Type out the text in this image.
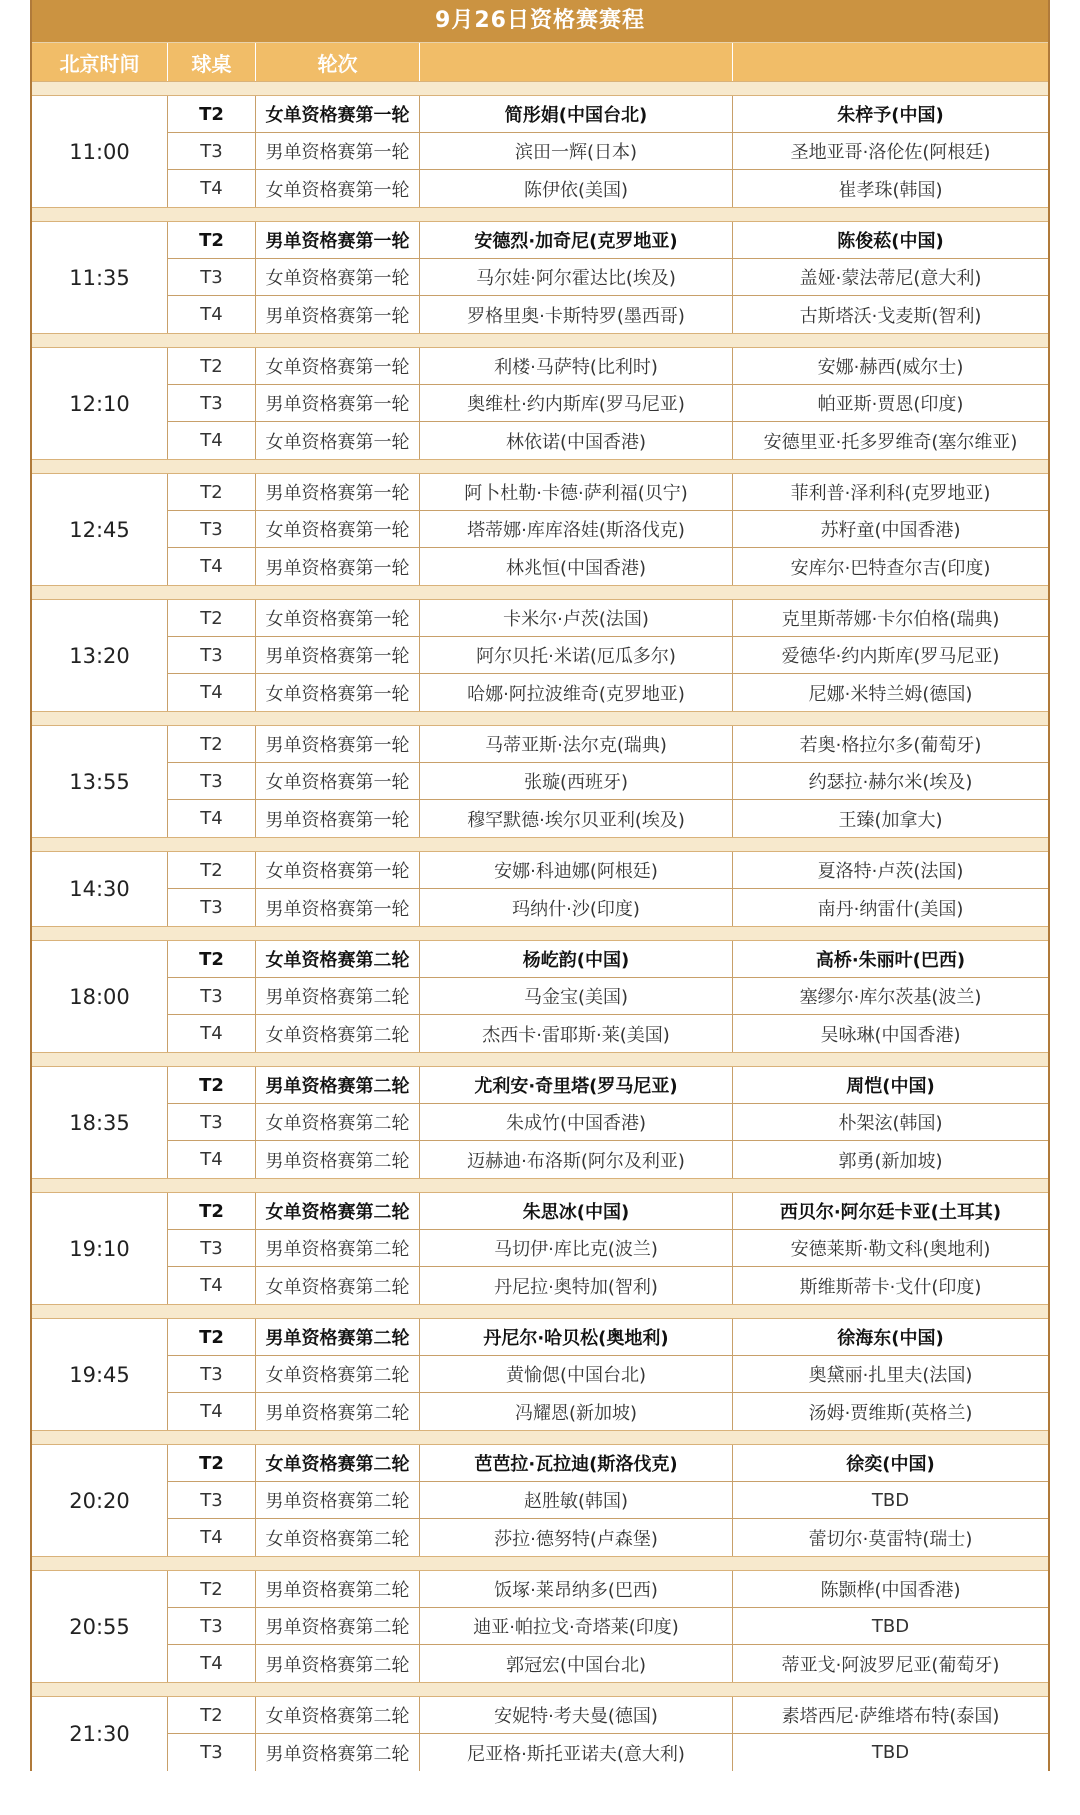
9月26日资格赛赛程
北京时间	球桌	轮次
11:00
T2	女单资格赛第一轮	简彤娟(中国台北)	朱梓予(中国)
T3	男单资格赛第一轮	滨田一辉(日本)	圣地亚哥·洛伦佐(阿根廷)
T4	女单资格赛第一轮	陈伊依(美国)	崔孝珠(韩国)
11:35
T2	男单资格赛第一轮	安德烈·加奇尼(克罗地亚)	陈俊菘(中国)
T3	女单资格赛第一轮	马尔娃·阿尔霍达比(埃及)	盖娅·蒙法蒂尼(意大利)
T4	男单资格赛第一轮	罗格里奥·卡斯特罗(墨西哥)	古斯塔沃·戈麦斯(智利)
12:10
T2	女单资格赛第一轮	利楼·马萨特(比利时)	安娜·赫西(威尔士)
T3	男单资格赛第一轮	奥维杜·约内斯库(罗马尼亚)	帕亚斯·贾恩(印度)
T4	女单资格赛第一轮	林依诺(中国香港)	安德里亚·托多罗维奇(塞尔维亚)
12:45
T2	男单资格赛第一轮	阿卜杜勒·卡德·萨利福(贝宁)	菲利普·泽利科(克罗地亚)
T3	女单资格赛第一轮	塔蒂娜·库库洛娃(斯洛伐克)	苏籽童(中国香港)
T4	男单资格赛第一轮	林兆恒(中国香港)	安库尔·巴特查尔吉(印度)
13:20
T2	女单资格赛第一轮	卡米尔·卢茨(法国)	克里斯蒂娜·卡尔伯格(瑞典)
T3	男单资格赛第一轮	阿尔贝托·米诺(厄瓜多尔)	爱德华·约内斯库(罗马尼亚)
T4	女单资格赛第一轮	哈娜·阿拉波维奇(克罗地亚)	尼娜·米特兰姆(德国)
13:55
T2	男单资格赛第一轮	马蒂亚斯·法尔克(瑞典)	若奥·格拉尔多(葡萄牙)
T3	女单资格赛第一轮	张璇(西班牙)	约瑟拉·赫尔米(埃及)
T4	男单资格赛第一轮	穆罕默德·埃尔贝亚利(埃及)	王臻(加拿大)
14:30
T2	女单资格赛第一轮	安娜·科迪娜(阿根廷)	夏洛特·卢茨(法国)
T3	男单资格赛第一轮	玛纳什·沙(印度)	南丹·纳雷什(美国)
18:00
T2	女单资格赛第二轮	杨屹韵(中国)	高桥·朱丽叶(巴西)
T3	男单资格赛第二轮	马金宝(美国)	塞缪尔·库尔茨基(波兰)
T4	女单资格赛第二轮	杰西卡·雷耶斯·莱(美国)	吴咏琳(中国香港)
18:35
T2	男单资格赛第二轮	尤利安·奇里塔(罗马尼亚)	周恺(中国)
T3	女单资格赛第二轮	朱成竹(中国香港)	朴架泫(韩国)
T4	男单资格赛第二轮	迈赫迪·布洛斯(阿尔及利亚)	郭勇(新加坡)
19:10
T2	女单资格赛第二轮	朱思冰(中国)	西贝尔·阿尔廷卡亚(土耳其)
T3	男单资格赛第二轮	马切伊·库比克(波兰)	安德莱斯·勒文科(奥地利)
T4	女单资格赛第二轮	丹尼拉·奥特加(智利)	斯维斯蒂卡·戈什(印度)
19:45
T2	男单资格赛第二轮	丹尼尔·哈贝松(奥地利)	徐海东(中国)
T3	女单资格赛第二轮	黄愉偲(中国台北)	奥黛丽·扎里夫(法国)
T4	男单资格赛第二轮	冯耀恩(新加坡)	汤姆·贾维斯(英格兰)
20:20
T2	女单资格赛第二轮	芭芭拉·瓦拉迪(斯洛伐克)	徐奕(中国)
T3	男单资格赛第二轮	赵胜敏(韩国)	TBD
T4	女单资格赛第二轮	莎拉·德努特(卢森堡)	蕾切尔·莫雷特(瑞士)
20:55
T2	男单资格赛第二轮	饭塚·莱昂纳多(巴西)	陈颢桦(中国香港)
T3	男单资格赛第二轮	迪亚·帕拉戈·奇塔莱(印度)	TBD
T4	男单资格赛第二轮	郭冠宏(中国台北)	蒂亚戈·阿波罗尼亚(葡萄牙)
21:30
T2	女单资格赛第二轮	安妮特·考夫曼(德国)	素塔西尼·萨维塔布特(泰国)
T3	男单资格赛第二轮	尼亚格·斯托亚诺夫(意大利)	TBD
